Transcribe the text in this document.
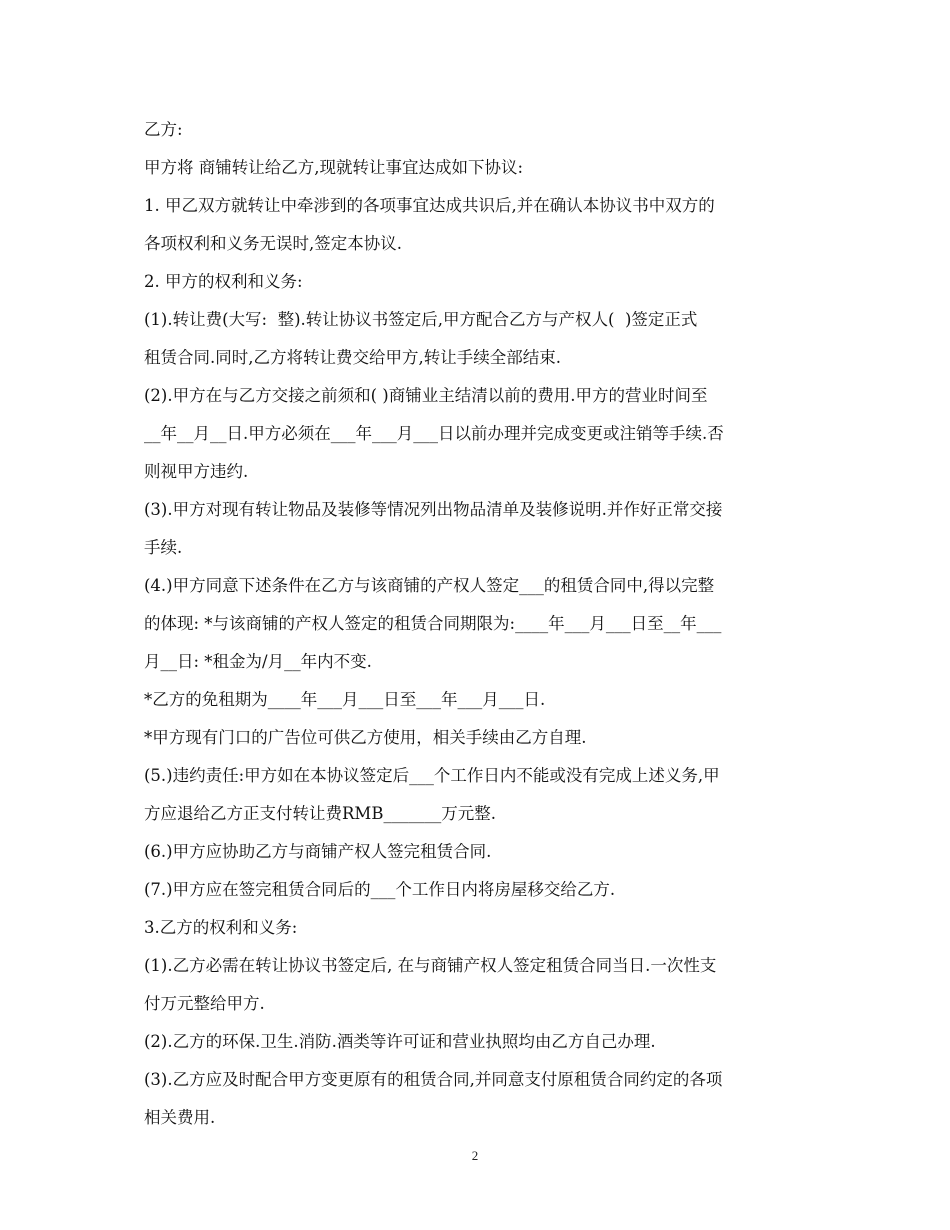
乙方:
甲方将 商铺转让给乙方,现就转让事宜达成如下协议:
1. 甲乙双方就转让中牵涉到的各项事宜达成共识后,并在确认本协议书中双方的
各项权利和义务无误时,签定本协议.
2. 甲方的权利和义务:
(1).转让费(大写:  整).转让协议书签定后,甲方配合乙方与产权人(  )签定正式
租赁合同.同时,乙方将转让费交给甲方,转让手续全部结束.
(2).甲方在与乙方交接之前须和( )商铺业主结清以前的费用.甲方的营业时间至
__年__月__日.甲方必须在___年___月___日以前办理并完成变更或注销等手续.否
则视甲方违约.
(3).甲方对现有转让物品及装修等情况列出物品清单及装修说明.并作好正常交接
手续.
(4.)甲方同意下述条件在乙方与该商铺的产权人签定___的租赁合同中,得以完整
的体现: *与该商铺的产权人签定的租赁合同期限为:____年___月___日至__年___
月__日: *租金为/月__年内不变.
*乙方的免租期为____年___月___日至___年___月___日.
*甲方现有门口的广告位可供乙方使用，相关手续由乙方自理.
(5.)违约责任:甲方如在本协议签定后___个工作日内不能或没有完成上述义务,甲
方应退给乙方正支付转让费RMB_______万元整.
(6.)甲方应协助乙方与商铺产权人签完租赁合同.
(7.)甲方应在签完租赁合同后的___个工作日内将房屋移交给乙方.
3.乙方的权利和义务:
(1).乙方必需在转让协议书签定后, 在与商铺产权人签定租赁合同当日.一次性支
付万元整给甲方.
(2).乙方的环保.卫生.消防.酒类等许可证和营业执照均由乙方自己办理.
(3).乙方应及时配合甲方变更原有的租赁合同,并同意支付原租赁合同约定的各项
相关费用.
2
